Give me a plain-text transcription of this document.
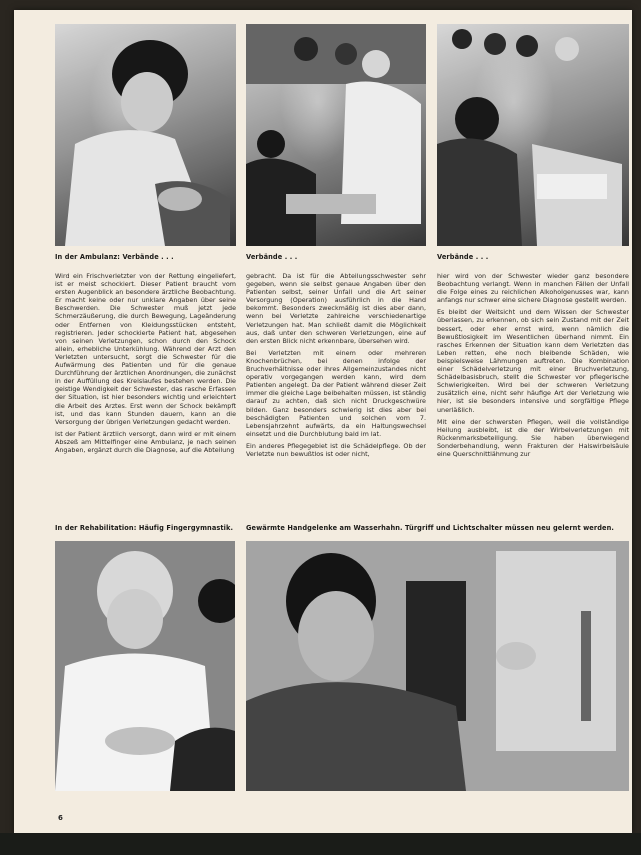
In der Ambulanz: Verbände . . .	Verbände . . .	Verbände . . .

Wird ein Frischverletzter von der Rettung eingeliefert, ist er meist schockiert. Dieser Patient braucht vom ersten Augenblick an besondere ärztliche Beobachtung. Er macht keine oder nur unklare Angaben über seine Beschwerden. Die Schwester muß jetzt jede Schmerzäußerung, die durch Bewegung, Lageänderung oder Entfernen von Kleidungsstücken entsteht, registrieren. Jeder schockierte Patient hat, abgesehen von seinen Verletzungen, schon durch den Schock allein, erhebliche Unterkühlung. Während der Arzt den Verletzten untersucht, sorgt die Schwester für die Aufwärmung des Patienten und für die genaue Durchführung der ärztlichen Anordnungen, die zunächst in der Auffüllung des Kreislaufes bestehen werden. Die geistige Wendigkeit der Schwester, das rasche Erfassen der Situation, ist hier besonders wichtig und erleichtert die Arbeit des Arztes. Erst wenn der Schock bekämpft ist, und das kann Stunden dauern, kann an die Versorgung der übrigen Verletzungen gedacht werden.

Ist der Patient ärztlich versorgt, dann wird er mit einem Abszeß am Mittelfinger eine Ambulanz, je nach seinen Angaben, ergänzt durch die Diagnose, auf die Abteilung

gebracht. Da ist für die Abteilungsschwester sehr gegeben, wenn sie selbst genaue Angaben über den Patienten selbst, seiner Unfall und die Art seiner Versorgung (Operation) ausführlich in die Hand bekommt. Besonders zweckmäßig ist dies aber dann, wenn bei Verletzte zahlreiche verschiedenartige Verletzungen hat. Man schließt damit die Möglichkeit aus, daß unter den schweren Verletzungen, eine auf den ersten Blick nicht erkennbare, übersehen wird.

Bei Verletzten mit einem oder mehreren Knochenbrüchen, bei denen infolge der Bruchverhältnisse oder ihres Allgemeinzustandes nicht operativ vorgegangen werden kann, wird dem Patienten angelegt. Da der Patient während dieser Zeit immer die gleiche Lage beibehalten müssen, ist ständig darauf zu achten, daß sich nicht Druckgeschwüre bilden. Ganz besonders schwierig ist dies aber bei beschädigten Patienten und solchen vom 7. Lebensjahrzehnt aufwärts, da ein Haltungswechsel einsetzt und die Durchblutung bald im lat.

Ein anderes Pflegegebiet ist die Schädelpflege. Ob der Verletzte nun bewußtlos ist oder nicht,

hier wird von der Schwester wieder ganz besondere Beobachtung verlangt. Wenn in manchen Fällen der Unfall die Folge eines zu reichlichen Alkoholgenusses war, kann anfangs nur schwer eine sichere Diagnose gestellt werden.

Es bleibt der Weitsicht und dem Wissen der Schwester überlassen, zu erkennen, ob sich sein Zustand mit der Zeit bessert, oder eher ernst wird, wenn nämlich die Bewußtlosigkeit im Wesentlichen überhand nimmt. Ein rasches Erkennen der Situation kann dem Verletzten das Leben retten, ehe noch bleibende Schäden, wie beispielsweise Lähmungen auftreten. Die Kombination einer Schädelverletzung mit einer Bruchverletzung, Schädelbasisbruch, stellt die Schwester vor pflegerische Schwierigkeiten. Wird bei der schweren Verletzung zusätzlich eine, nicht sehr häufige Art der Verletzung wie hier, ist sie besonders intensive und sorgfältige Pflege unerläßlich.

Mit eine der schwersten Pflegen, weil die vollständige Heilung ausbleibt, ist die der Wirbelverletzungen mit Rückenmarksbeteiligung. Sie haben überwiegend Sonderbehandlung, wenn Frakturen der Halswirbelsäule eine Querschnittlähmung zur

In der Rehabilitation: Häufig Fingergymnastik. Gewärmte Handgelenke am Wasserhahn. Türgriff und Lichtschalter müssen neu gelernt werden.
6
